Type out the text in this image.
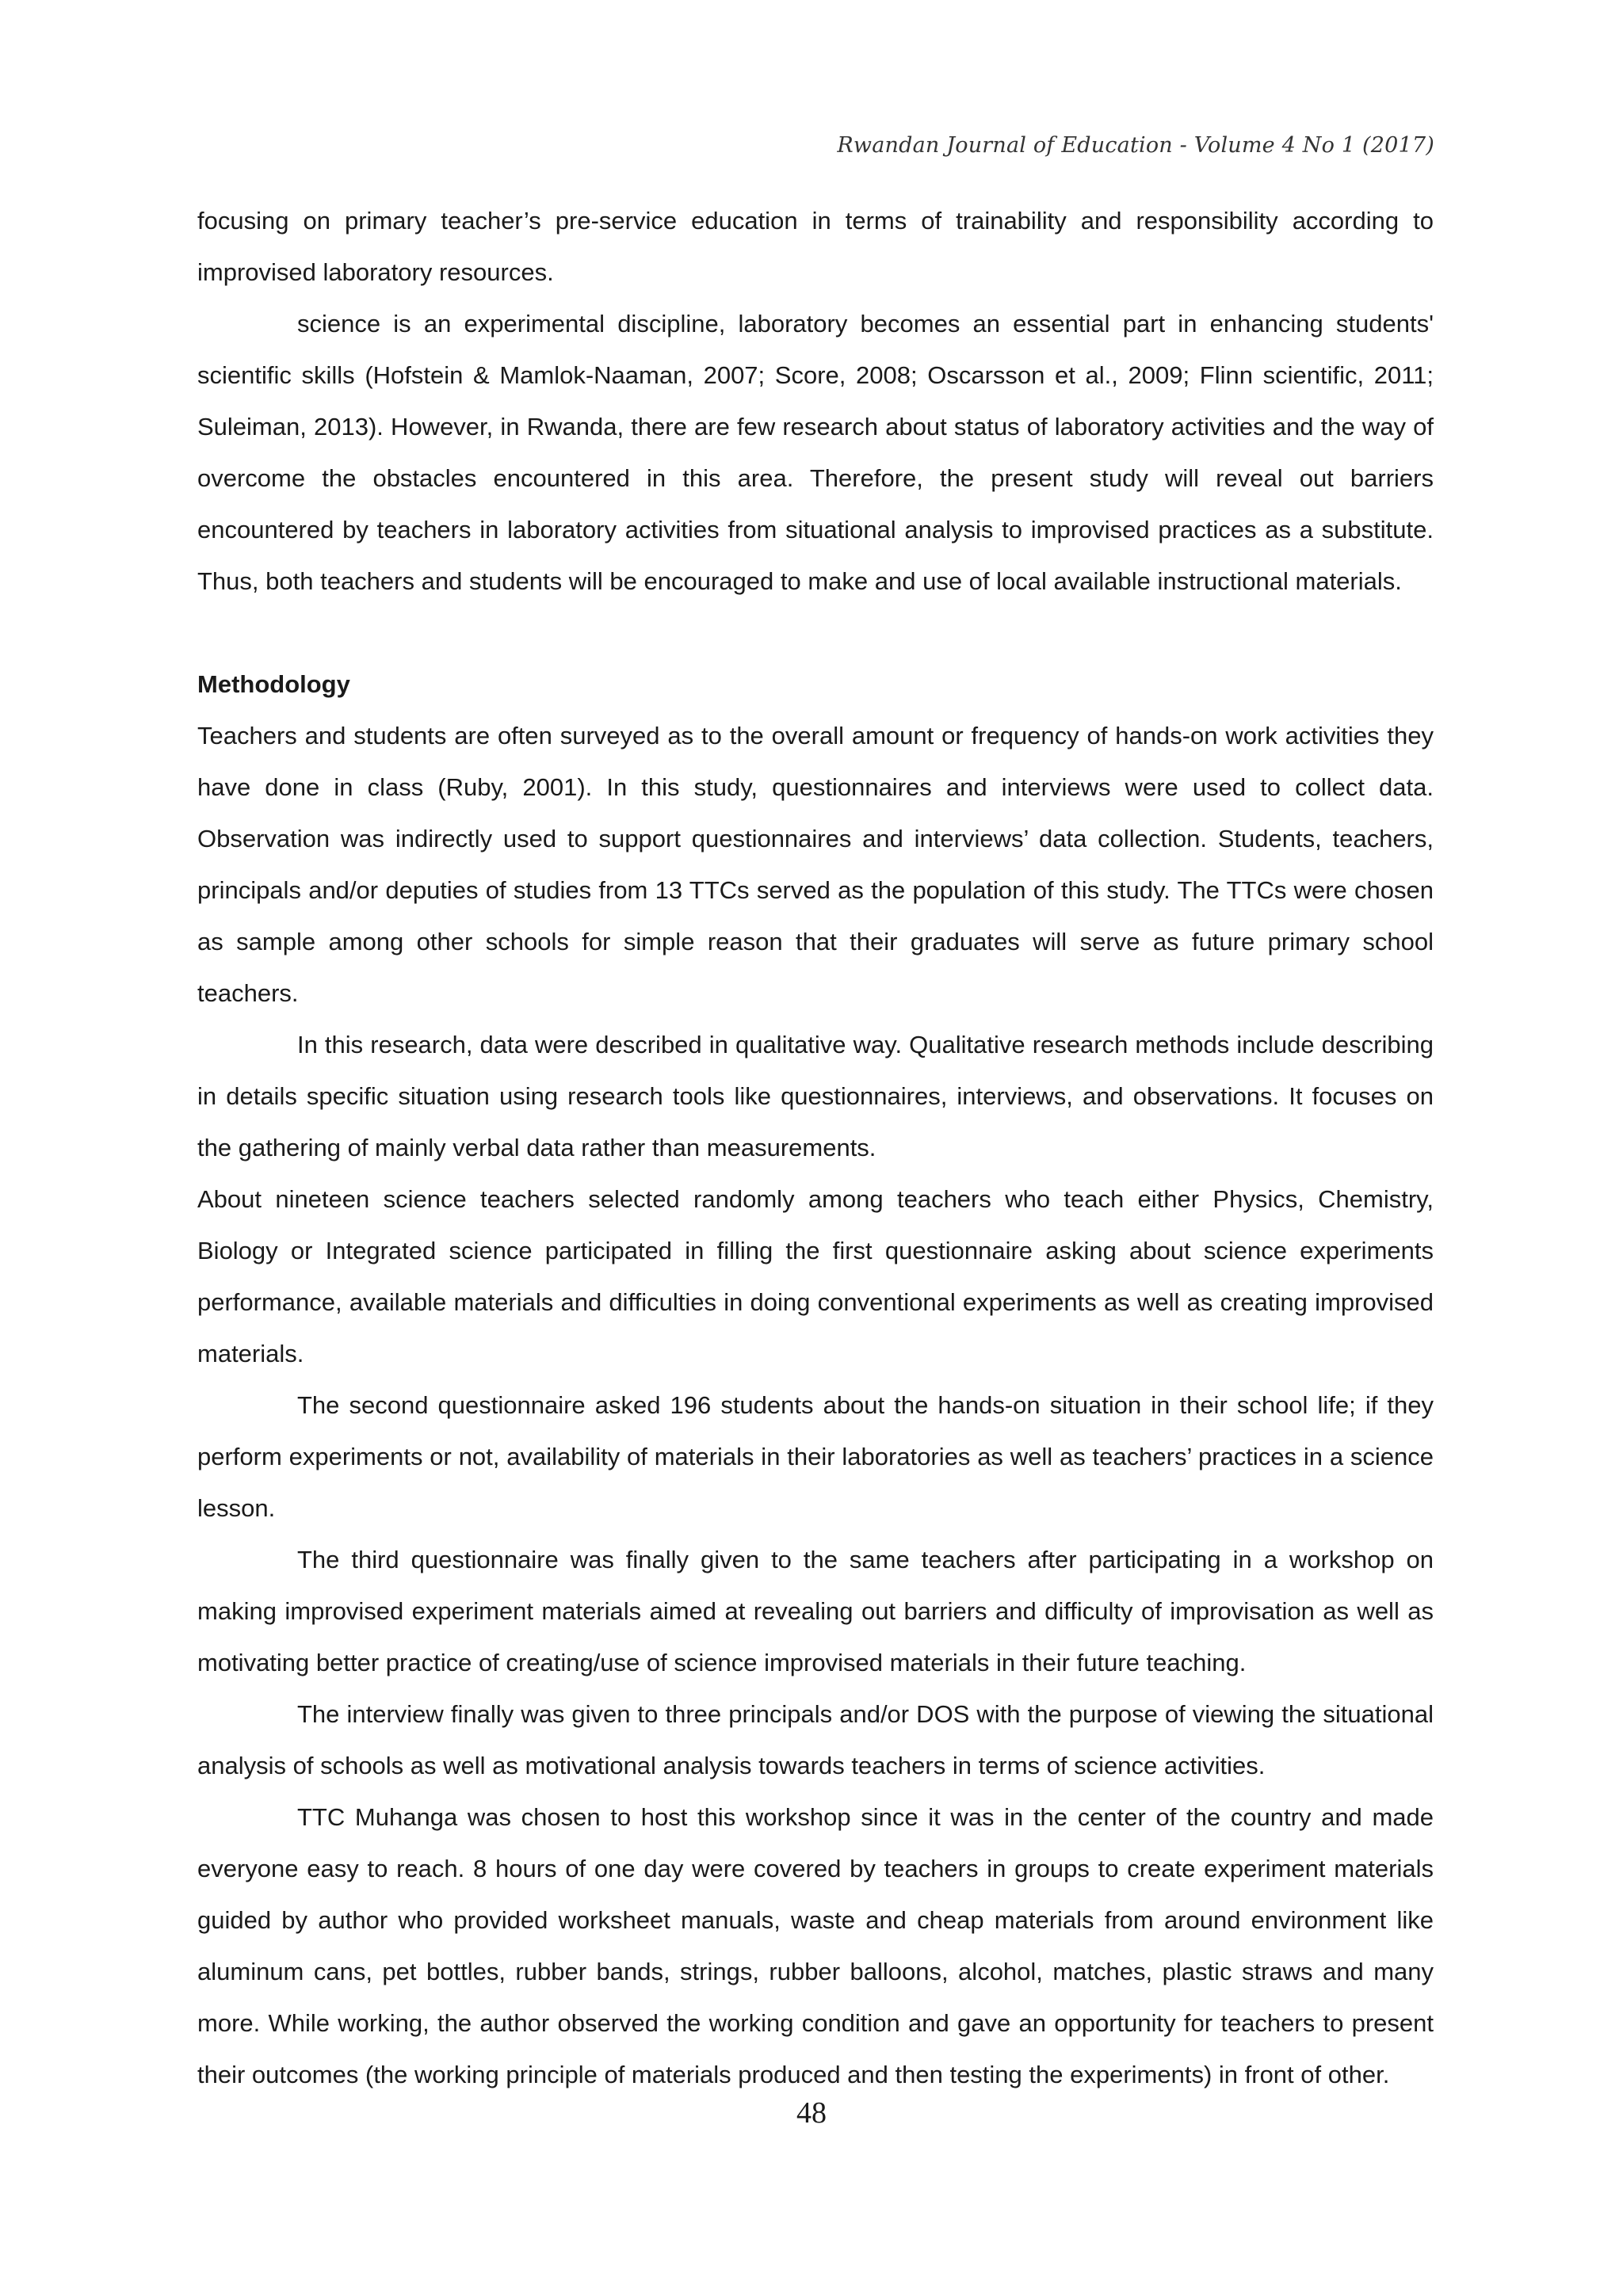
Rwandan Journal of Education - Volume 4 No 1 (2017)

focusing on primary teacher’s pre-service education in terms of trainability and responsibility according to improvised laboratory resources.

science is an experimental discipline, laboratory becomes an essential part in enhancing students' scientific skills (Hofstein & Mamlok-Naaman, 2007; Score, 2008; Oscarsson et al., 2009; Flinn scientific, 2011; Suleiman, 2013). However, in Rwanda, there are few research about status of laboratory activities and the way of overcome the obstacles encountered in this area. Therefore, the present study will reveal out barriers encountered by teachers in laboratory activities from situational analysis to improvised practices as a substitute. Thus, both teachers and students will be encouraged to make and use of local available instructional materials.

Methodology

Teachers and students are often surveyed as to the overall amount or frequency of hands-on work activities they have done in class (Ruby, 2001). In this study, questionnaires and interviews were used to collect data. Observation was indirectly used to support questionnaires and interviews’ data collection. Students, teachers, principals and/or deputies of studies from 13 TTCs served as the population of this study. The TTCs were chosen as sample among other schools for simple reason that their graduates will serve as future primary school teachers.

In this research, data were described in qualitative way. Qualitative research methods include describing in details specific situation using research tools like questionnaires, interviews, and observations. It focuses on the gathering of mainly verbal data rather than measurements.

About nineteen science teachers selected randomly among teachers who teach either Physics, Chemistry, Biology or Integrated science participated in filling the first questionnaire asking about science experiments performance, available materials and difficulties in doing conventional experiments as well as creating improvised materials.

The second questionnaire asked 196 students about the hands-on situation in their school life; if they perform experiments or not, availability of materials in their laboratories as well as teachers’ practices in a science lesson.

The third questionnaire was finally given to the same teachers after participating in a workshop on making improvised experiment materials aimed at revealing out barriers and difficulty of improvisation as well as motivating better practice of creating/use of science improvised materials in their future teaching.

The interview finally was given to three principals and/or DOS with the purpose of viewing the situational analysis of schools as well as motivational analysis towards teachers in terms of science activities.

TTC Muhanga was chosen to host this workshop since it was in the center of the country and made everyone easy to reach. 8 hours of one day were covered by teachers in groups to create experiment materials guided by author who provided worksheet manuals, waste and cheap materials from around environment like aluminum cans, pet bottles, rubber bands, strings, rubber balloons, alcohol, matches, plastic straws and many more. While working, the author observed the working condition and gave an opportunity for teachers to present their outcomes (the working principle of materials produced and then testing the experiments) in front of other.

48
